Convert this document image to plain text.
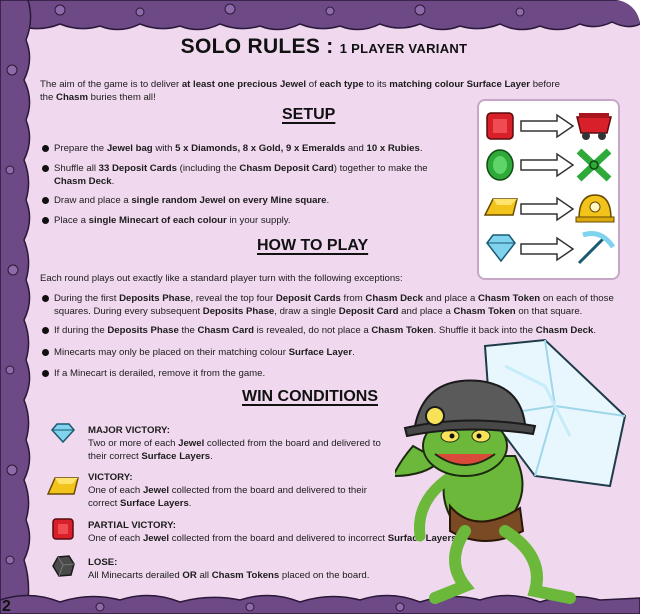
SOLO RULES : 1 PLAYER VARIANT
The aim of the game is to deliver at least one precious Jewel of each type to its matching colour Surface Layer before
the Chasm buries them all!
SETUP
Prepare the Jewel bag with 5 x Diamonds, 8 x Gold, 9 x Emeralds and 10 x Rubies.
Shuffle all 33 Deposit Cards (including the Chasm Deposit Card) together to make the
Chasm Deck.
Draw and place a single random Jewel on every Mine square.
Place a single Minecart of each colour in your supply.
HOW TO PLAY
Each round plays out exactly like a standard player turn with the following exceptions:
During the first Deposits Phase, reveal the top four Deposit Cards from Chasm Deck and place a Chasm Token on each of those
squares. During every subsequent Deposits Phase, draw a single Deposit Card and place a Chasm Token on that square.
If during the Deposits Phase the Chasm Card is revealed, do not place a Chasm Token. Shuffle it back into the Chasm Deck.
Minecarts may only be placed on their matching colour Surface Layer.
If a Minecart is derailed, remove it from the game.
WIN CONDITIONS
MAJOR VICTORY:
Two or more of each Jewel collected from the board and delivered to
their correct Surface Layers.
VICTORY:
One of each Jewel collected from the board and delivered to their
correct Surface Layers.
PARTIAL VICTORY:
One of each Jewel collected from the board and delivered to incorrect Surface Layers.
LOSE:
All Minecarts derailed OR all Chasm Tokens placed on the board.
2
